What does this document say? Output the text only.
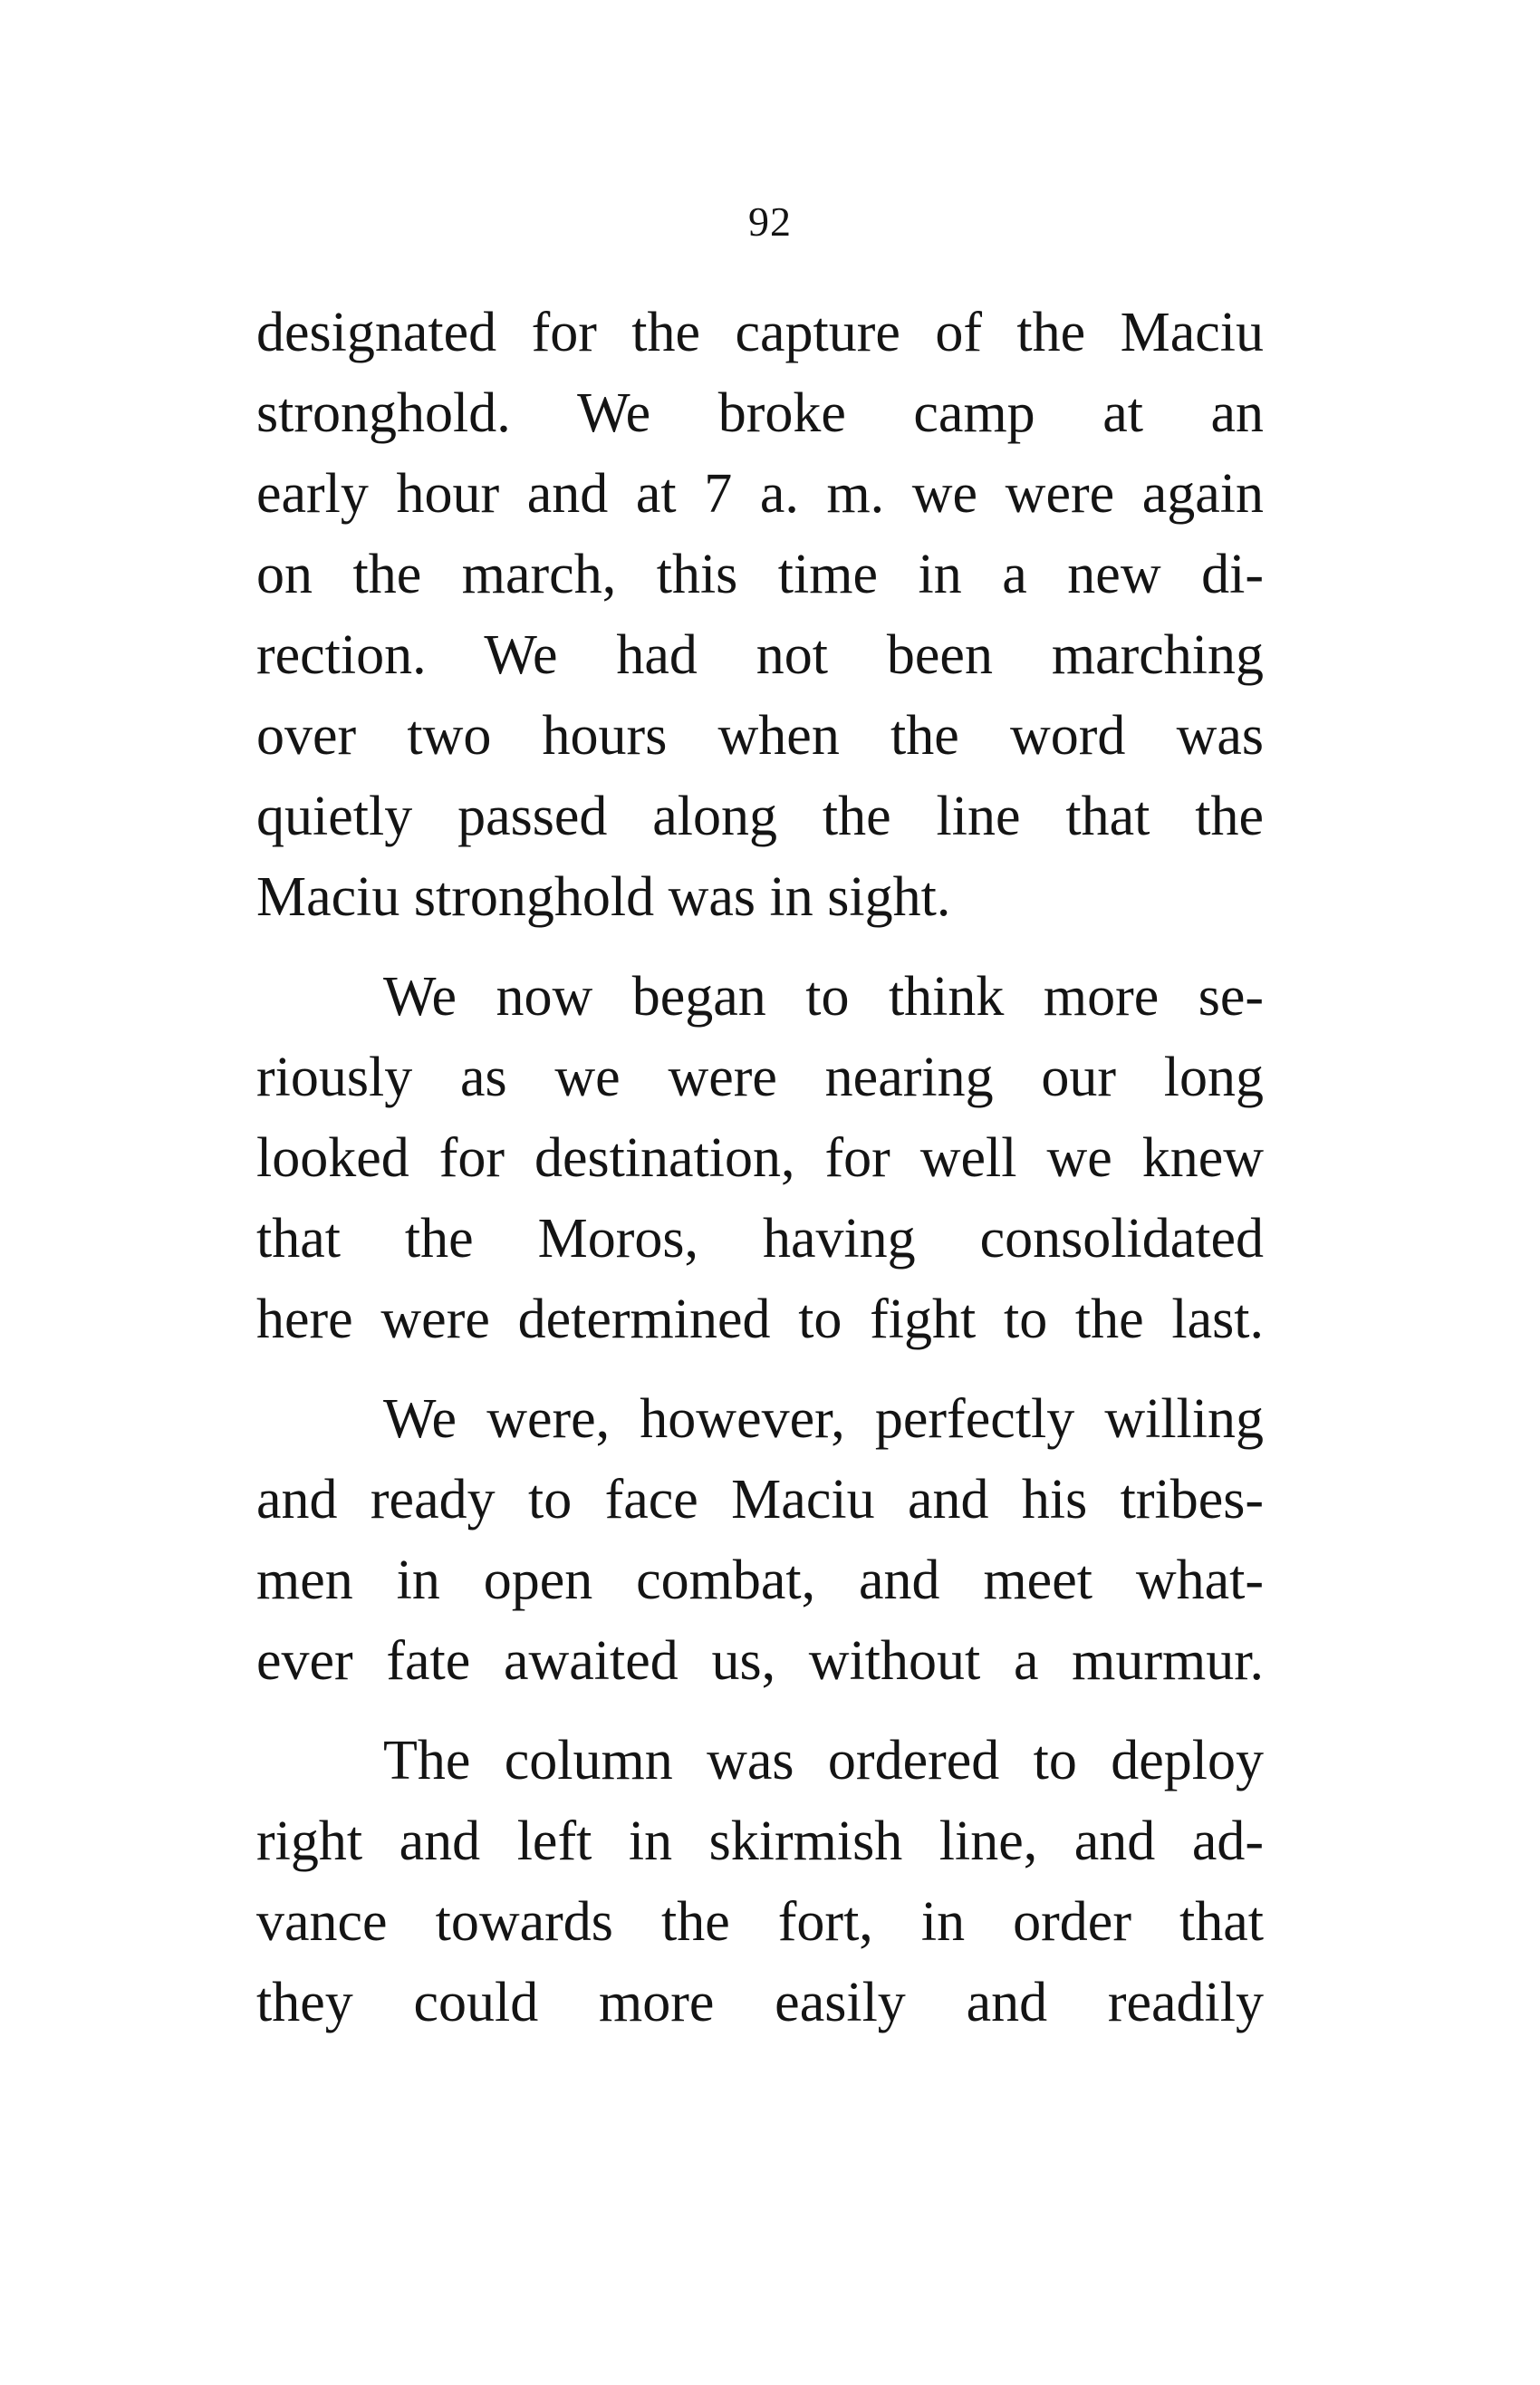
92
designated for the capture of the Maciu
stronghold. We broke camp at an
early hour and at 7 a. m. we were again
on the march, this time in a new di-
rection. We had not been marching
over two hours when the word was
quietly passed along the line that the
Maciu stronghold was in sight.
We now began to think more se-
riously as we were nearing our long
looked for destination, for well we knew
that the Moros, having consolidated
here were determined to fight to the last.
We were, however, perfectly willing
and ready to face Maciu and his tribes-
men in open combat, and meet what-
ever fate awaited us, without a murmur.
The column was ordered to deploy
right and left in skirmish line, and ad-
vance towards the fort, in order that
they could more easily and readily
